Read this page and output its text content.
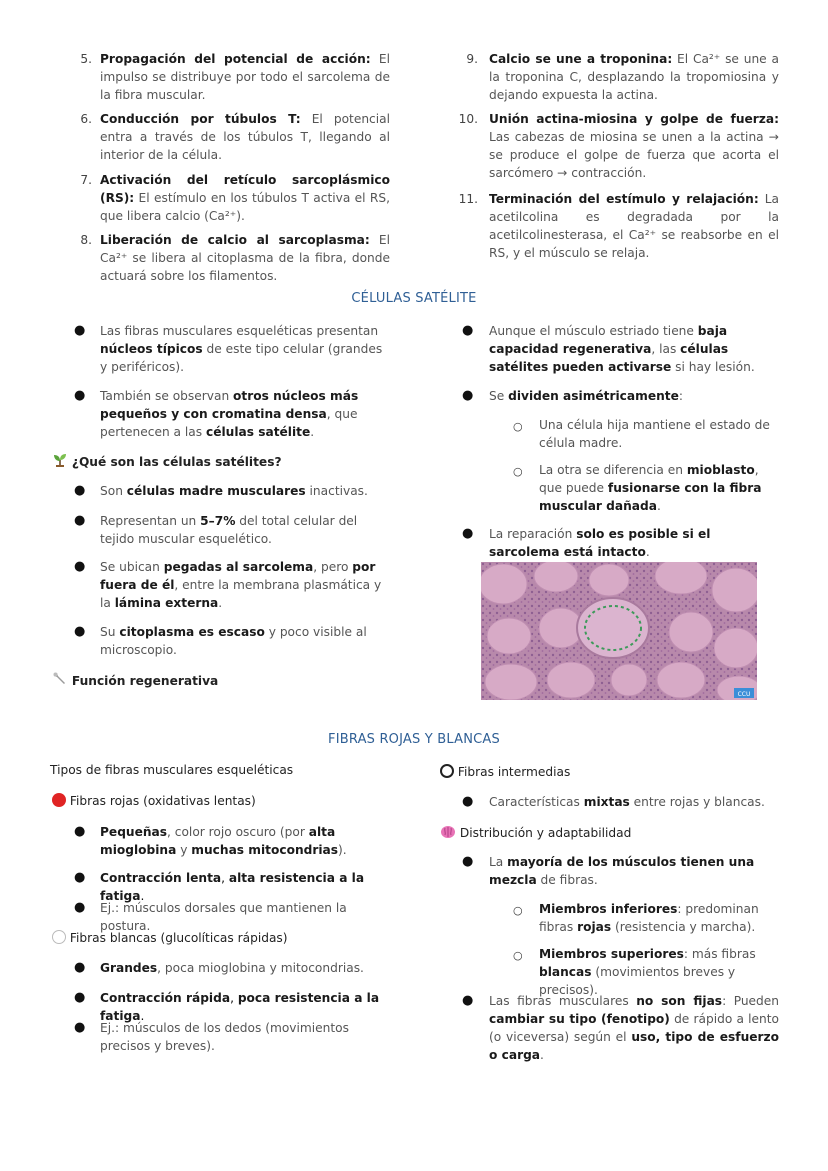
5. Propagación del potencial de acción: El impulso se distribuye por todo el sarcolema de la fibra muscular.
6. Conducción por túbulos T: El potencial entra a través de los túbulos T, llegando al interior de la célula.
7. Activación del retículo sarcoplásmico (RS): El estímulo en los túbulos T activa el RS, que libera calcio (Ca²⁺).
8. Liberación de calcio al sarcoplasma: El Ca²⁺ se libera al citoplasma de la fibra, donde actuará sobre los filamentos.
9. Calcio se une a troponina: El Ca²⁺ se une a la troponina C, desplazando la tropomiosina y dejando expuesta la actina.
10. Unión actina-miosina y golpe de fuerza: Las cabezas de miosina se unen a la actina → se produce el golpe de fuerza que acorta el sarcómero → contracción.
11. Terminación del estímulo y relajación: La acetilcolina es degradada por la acetilcolinesterasa, el Ca²⁺ se reabsorbe en el RS, y el músculo se relaja.
CÉLULAS SATÉLITE
● Las fibras musculares esqueléticas presentan núcleos típicos de este tipo celular (grandes y periféricos).
● También se observan otros núcleos más pequeños y con cromatina densa, que pertenecen a las células satélite.
¿Qué son las células satélites?
● Son células madre musculares inactivas.
● Representan un 5–7% del total celular del tejido muscular esquelético.
● Se ubican pegadas al sarcolema, pero por fuera de él, entre la membrana plasmática y la lámina externa.
● Su citoplasma es escaso y poco visible al microscopio.
Función regenerativa
● Aunque el músculo estriado tiene baja capacidad regenerativa, las células satélites pueden activarse si hay lesión.
● Se dividen asimétricamente:
○ Una célula hija mantiene el estado de célula madre.
○ La otra se diferencia en mioblasto, que puede fusionarse con la fibra muscular dañada.
● La reparación solo es posible si el sarcolema está intacto.
CCU
FIBRAS ROJAS Y BLANCAS
Tipos de fibras musculares esqueléticas
Fibras rojas (oxidativas lentas)
● Pequeñas, color rojo oscuro (por alta mioglobina y muchas mitocondrias).
● Contracción lenta, alta resistencia a la fatiga.
● Ej.: músculos dorsales que mantienen la postura.
Fibras blancas (glucolíticas rápidas)
● Grandes, poca mioglobina y mitocondrias.
● Contracción rápida, poca resistencia a la fatiga.
● Ej.: músculos de los dedos (movimientos precisos y breves).
Fibras intermedias
● Características mixtas entre rojas y blancas.
Distribución y adaptabilidad
● La mayoría de los músculos tienen una mezcla de fibras.
○ Miembros inferiores: predominan fibras rojas (resistencia y marcha).
○ Miembros superiores: más fibras blancas (movimientos breves y precisos).
● Las fibras musculares no son fijas: Pueden cambiar su tipo (fenotipo) de rápido a lento (o viceversa) según el uso, tipo de esfuerzo o carga.
